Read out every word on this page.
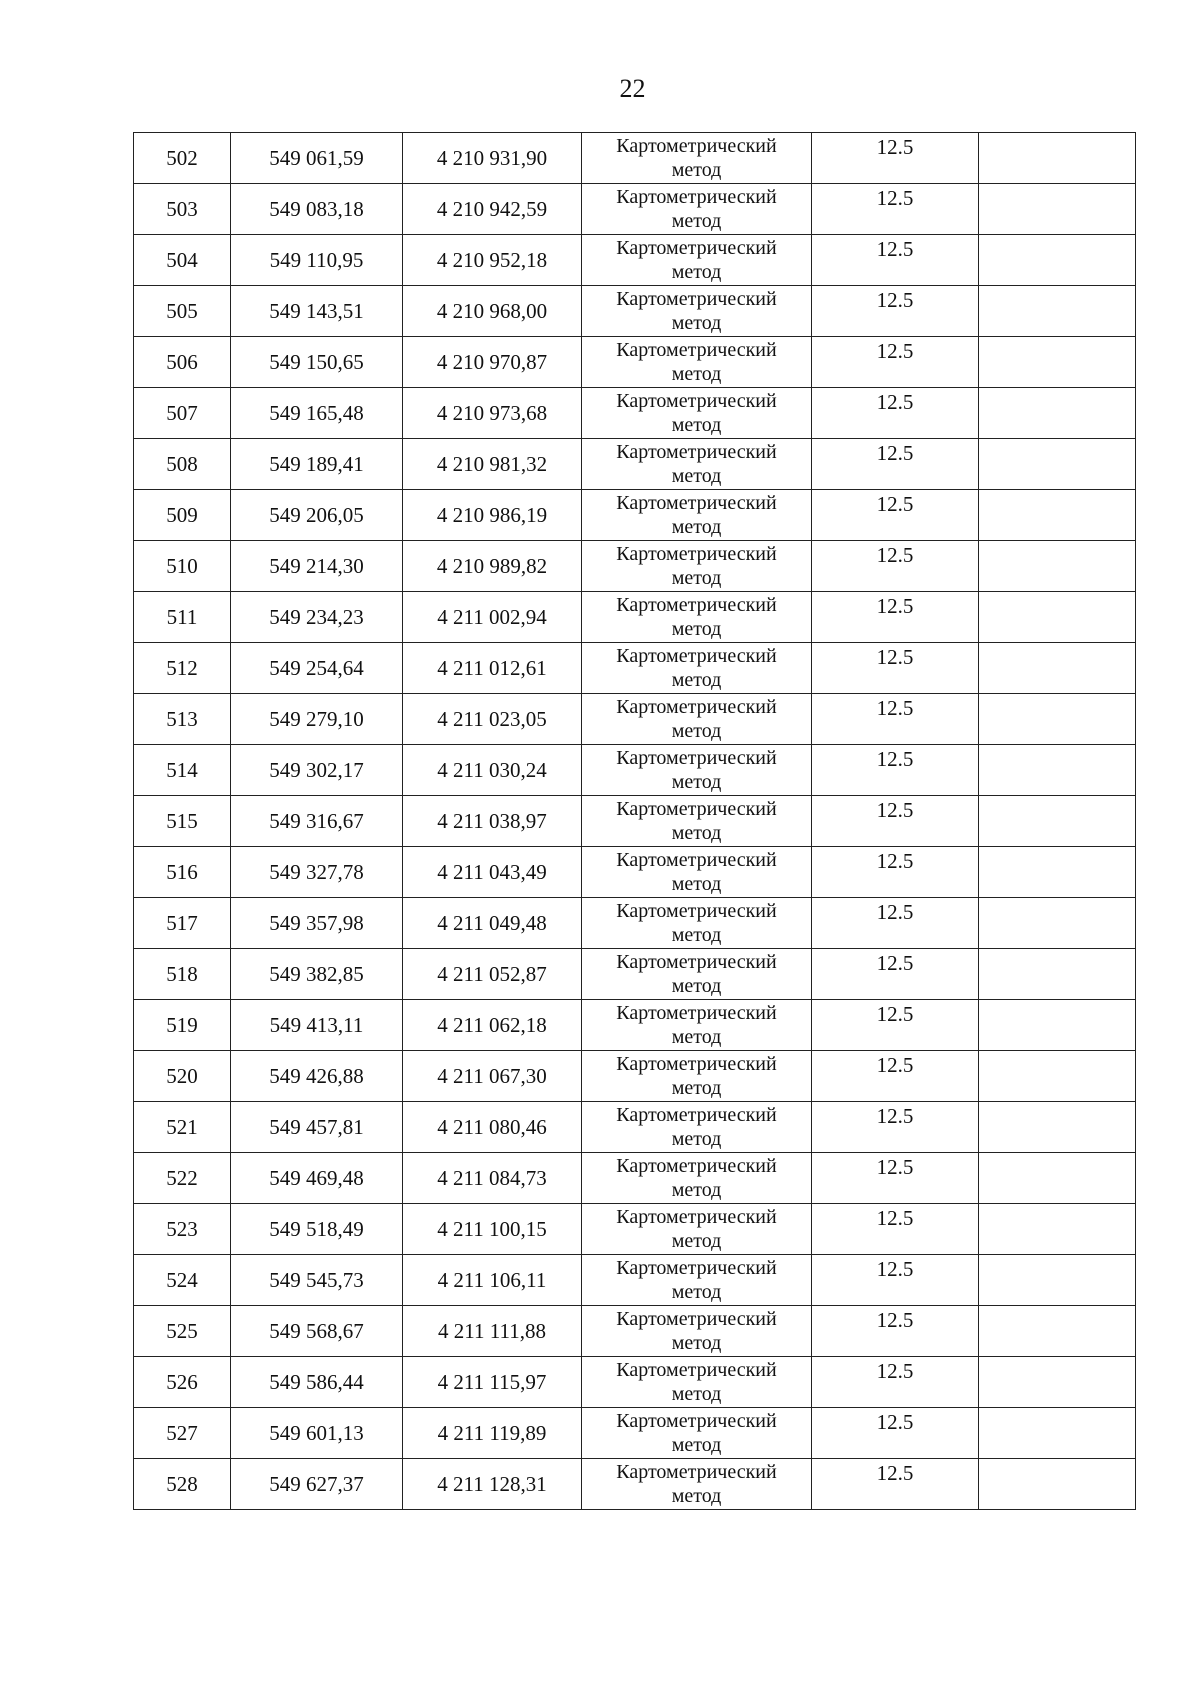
22
502	549 061,59	4 210 931,90	Картометрический
метод	12.5	
503	549 083,18	4 210 942,59	Картометрический
метод	12.5	
504	549 110,95	4 210 952,18	Картометрический
метод	12.5	
505	549 143,51	4 210 968,00	Картометрический
метод	12.5	
506	549 150,65	4 210 970,87	Картометрический
метод	12.5	
507	549 165,48	4 210 973,68	Картометрический
метод	12.5	
508	549 189,41	4 210 981,32	Картометрический
метод	12.5	
509	549 206,05	4 210 986,19	Картометрический
метод	12.5	
510	549 214,30	4 210 989,82	Картометрический
метод	12.5	
511	549 234,23	4 211 002,94	Картометрический
метод	12.5	
512	549 254,64	4 211 012,61	Картометрический
метод	12.5	
513	549 279,10	4 211 023,05	Картометрический
метод	12.5	
514	549 302,17	4 211 030,24	Картометрический
метод	12.5	
515	549 316,67	4 211 038,97	Картометрический
метод	12.5	
516	549 327,78	4 211 043,49	Картометрический
метод	12.5	
517	549 357,98	4 211 049,48	Картометрический
метод	12.5	
518	549 382,85	4 211 052,87	Картометрический
метод	12.5	
519	549 413,11	4 211 062,18	Картометрический
метод	12.5	
520	549 426,88	4 211 067,30	Картометрический
метод	12.5	
521	549 457,81	4 211 080,46	Картометрический
метод	12.5	
522	549 469,48	4 211 084,73	Картометрический
метод	12.5	
523	549 518,49	4 211 100,15	Картометрический
метод	12.5	
524	549 545,73	4 211 106,11	Картометрический
метод	12.5	
525	549 568,67	4 211 111,88	Картометрический
метод	12.5	
526	549 586,44	4 211 115,97	Картометрический
метод	12.5	
527	549 601,13	4 211 119,89	Картометрический
метод	12.5	
528	549 627,37	4 211 128,31	Картометрический
метод	12.5	
